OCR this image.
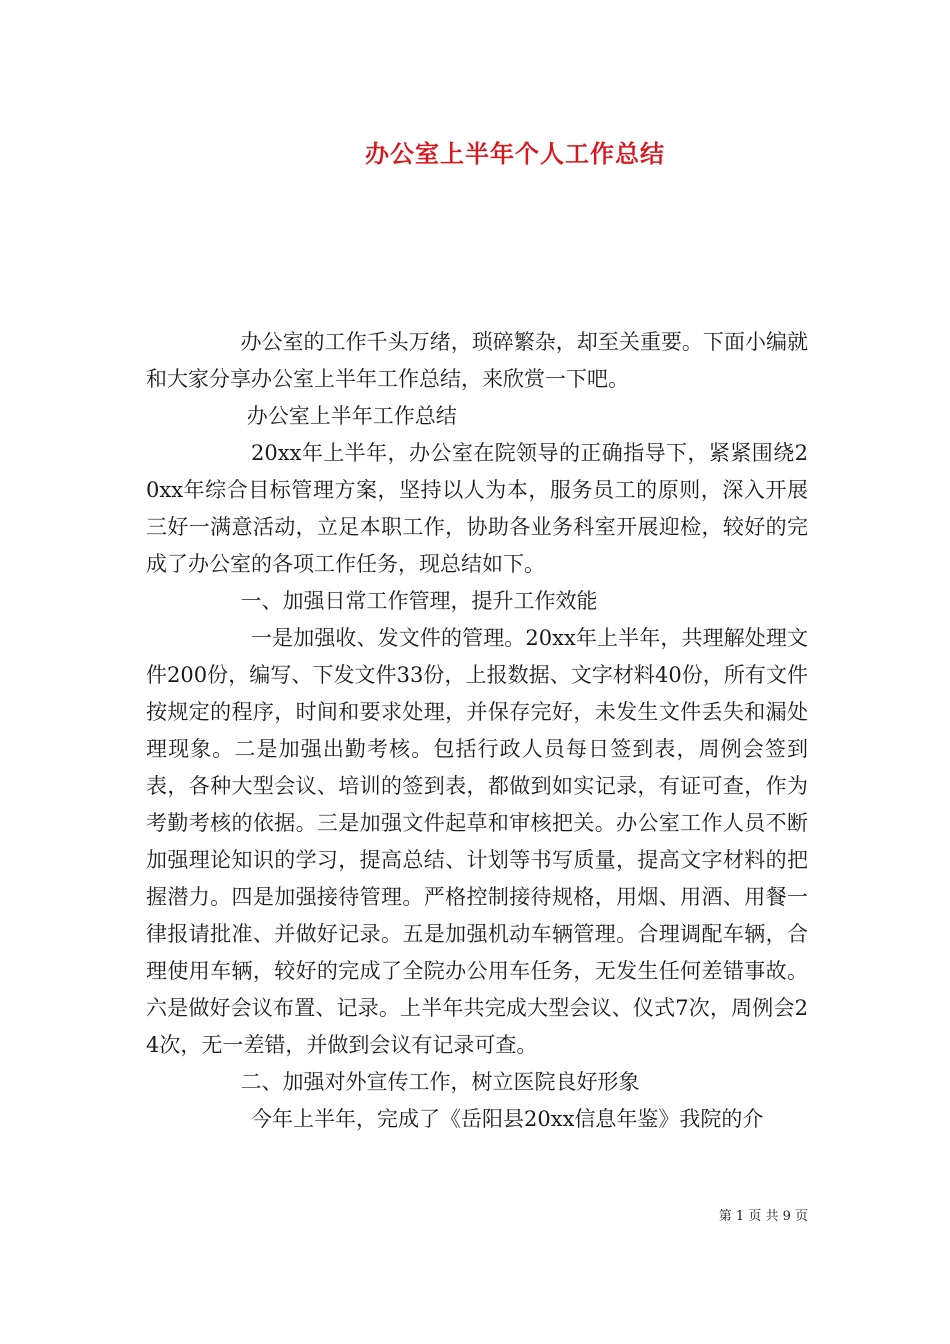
办公室上半年个人工作总结

办公室的工作千头万绪，琐碎繁杂，却至关重要。下面小编就和大家分享办公室上半年工作总结，来欣赏一下吧。

办公室上半年工作总结

20xx年上半年，办公室在院领导的正确指导下，紧紧围绕20xx年综合目标管理方案，坚持以人为本，服务员工的原则，深入开展三好一满意活动，立足本职工作，协助各业务科室开展迎检，较好的完成了办公室的各项工作任务，现总结如下。

一、加强日常工作管理，提升工作效能

一是加强收、发文件的管理。20xx年上半年，共理解处理文件200份，编写、下发文件33份，上报数据、文字材料40份，所有文件按规定的程序，时间和要求处理，并保存完好，未发生文件丢失和漏处理现象。二是加强出勤考核。包括行政人员每日签到表，周例会签到表，各种大型会议、培训的签到表，都做到如实记录，有证可查，作为考勤考核的依据。三是加强文件起草和审核把关。办公室工作人员不断加强理论知识的学习，提高总结、计划等书写质量，提高文字材料的把握潜力。四是加强接待管理。严格控制接待规格，用烟、用酒、用餐一律报请批准、并做好记录。五是加强机动车辆管理。合理调配车辆，合理使用车辆，较好的完成了全院办公用车任务，无发生任何差错事故。六是做好会议布置、记录。上半年共完成大型会议、仪式7次，周例会24次，无一差错，并做到会议有记录可查。

二、加强对外宣传工作，树立医院良好形象

今年上半年，完成了《岳阳县20xx信息年鉴》我院的介

第 1 页 共 9 页
